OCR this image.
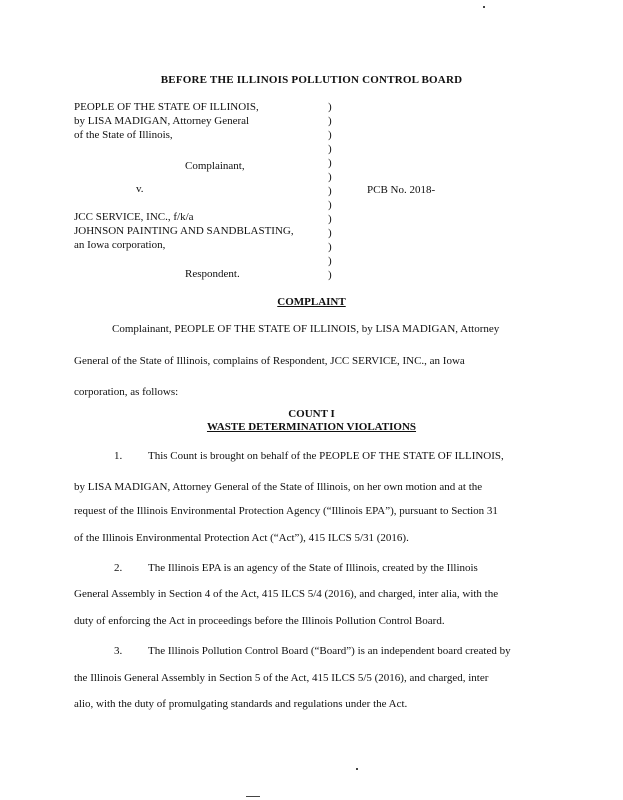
BEFORE THE ILLINOIS POLLUTION CONTROL BOARD
PEOPLE OF THE STATE OF ILLINOIS,
by LISA MADIGAN, Attorney General
of the State of Illinois,
Complainant,
v.
JCC SERVICE, INC., f/k/a
JOHNSON PAINTING AND SANDBLASTING,
an Iowa corporation,
Respondent.
)
)
)
)
)
)
)
)
)
)
)
)
)
PCB No. 2018-
COMPLAINT
Complainant, PEOPLE OF THE STATE OF ILLINOIS, by LISA MADIGAN, Attorney
General of the State of Illinois, complains of Respondent, JCC SERVICE, INC., an Iowa
corporation, as follows:
COUNT I
WASTE DETERMINATION VIOLATIONS
1. This Count is brought on behalf of the PEOPLE OF THE STATE OF ILLINOIS,
by LISA MADIGAN, Attorney General of the State of Illinois, on her own motion and at the
request of the Illinois Environmental Protection Agency (“Illinois EPA”), pursuant to Section 31
of the Illinois Environmental Protection Act (“Act”), 415 ILCS 5/31 (2016).
2. The Illinois EPA is an agency of the State of Illinois, created by the Illinois
General Assembly in Section 4 of the Act, 415 ILCS 5/4 (2016), and charged, inter alia, with the
duty of enforcing the Act in proceedings before the Illinois Pollution Control Board.
3. The Illinois Pollution Control Board (“Board”) is an independent board created by
the Illinois General Assembly in Section 5 of the Act, 415 ILCS 5/5 (2016), and charged, inter
alio, with the duty of promulgating standards and regulations under the Act.
